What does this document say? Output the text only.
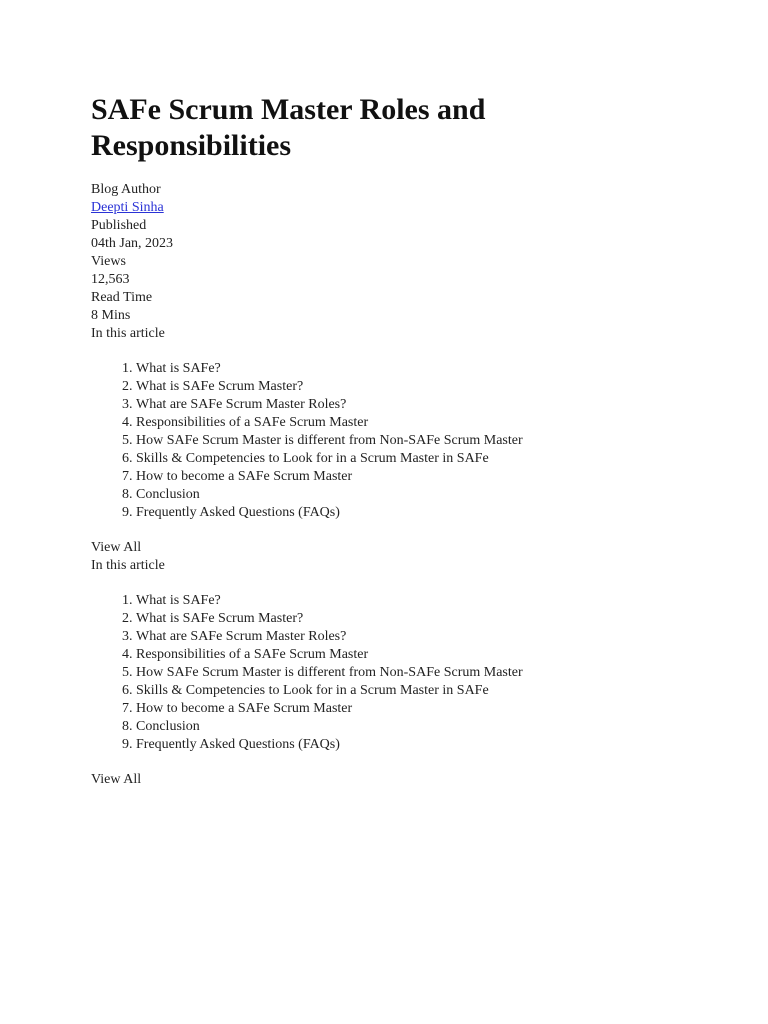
SAFe Scrum Master Roles and Responsibilities
Blog Author
Deepti Sinha
Published
04th Jan, 2023
Views
12,563
Read Time
8 Mins
In this article
1. What is SAFe?
2. What is SAFe Scrum Master?
3. What are SAFe Scrum Master Roles?
4. Responsibilities of a SAFe Scrum Master
5. How SAFe Scrum Master is different from Non-SAFe Scrum Master
6. Skills & Competencies to Look for in a Scrum Master in SAFe
7. How to become a SAFe Scrum Master
8. Conclusion
9. Frequently Asked Questions (FAQs)
View All
In this article
1. What is SAFe?
2. What is SAFe Scrum Master?
3. What are SAFe Scrum Master Roles?
4. Responsibilities of a SAFe Scrum Master
5. How SAFe Scrum Master is different from Non-SAFe Scrum Master
6. Skills & Competencies to Look for in a Scrum Master in SAFe
7. How to become a SAFe Scrum Master
8. Conclusion
9. Frequently Asked Questions (FAQs)
View All
